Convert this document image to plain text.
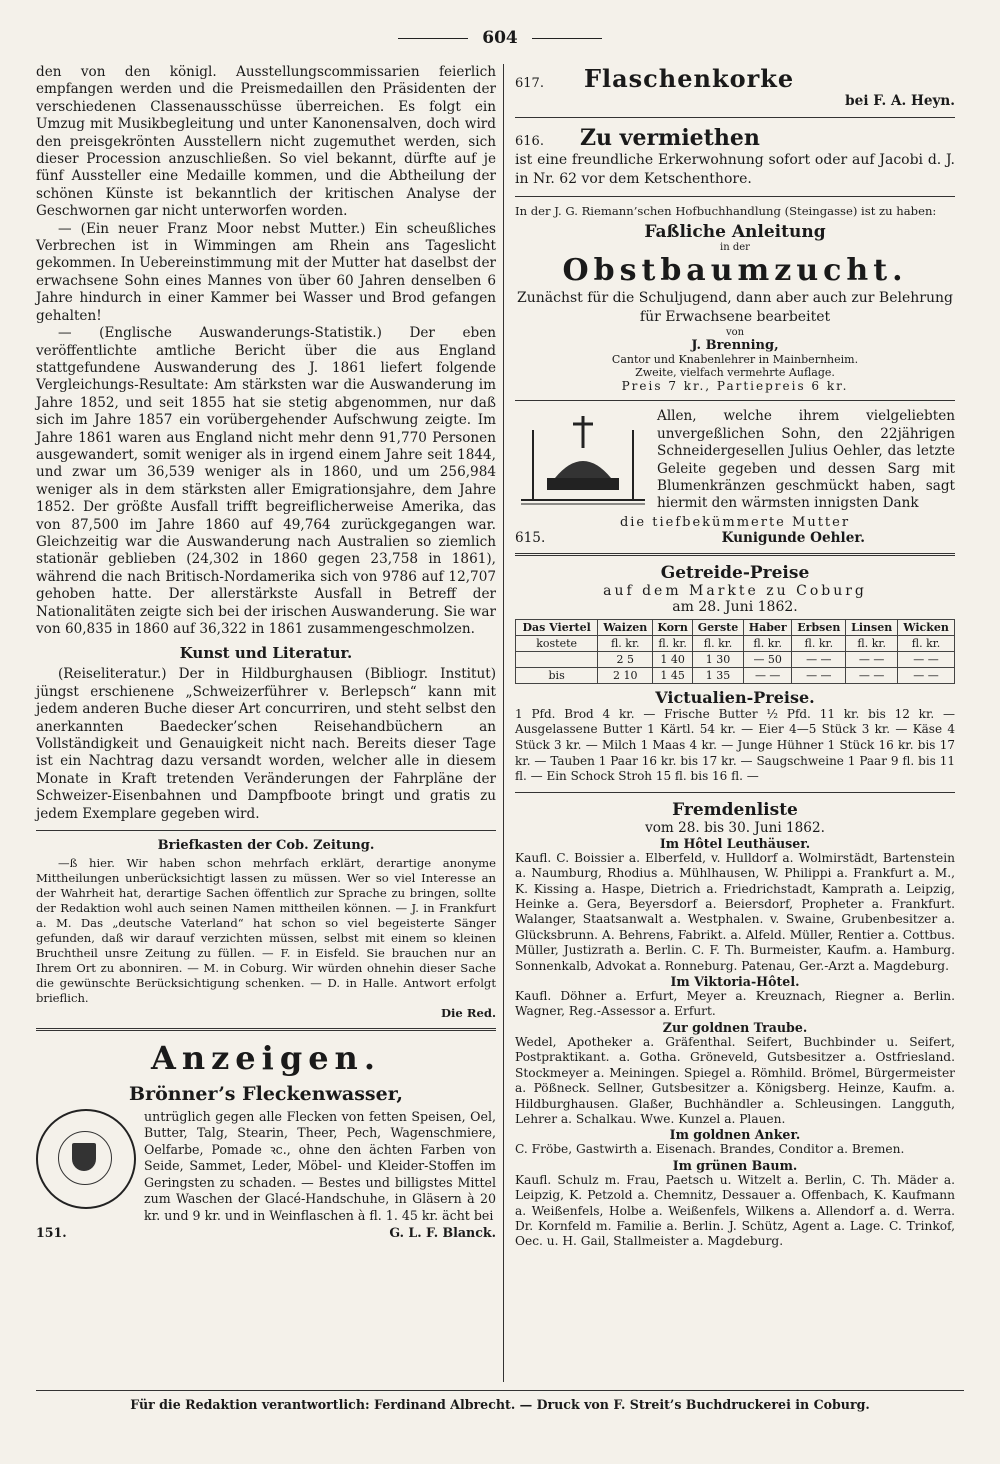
604

den von den königl. Ausstellungscommissarien feierlich empfangen werden und die Preismedaillen den Präsidenten der verschiedenen Classenausschüsse überreichen. Es folgt ein Umzug mit Musikbegleitung und unter Kanonensalven, doch wird den preisgekrönten Ausstellern nicht zugemuthet werden, sich dieser Procession anzuschließen. So viel bekannt, dürfte auf je fünf Aussteller eine Medaille kommen, und die Abtheilung der schönen Künste ist bekanntlich der kritischen Analyse der Geschwornen gar nicht unterworfen worden.

— (Ein neuer Franz Moor nebst Mutter.) Ein scheußliches Verbrechen ist in Wimmingen am Rhein ans Tageslicht gekommen. In Uebereinstimmung mit der Mutter hat daselbst der erwachsene Sohn eines Mannes von über 60 Jahren denselben 6 Jahre hindurch in einer Kammer bei Wasser und Brod gefangen gehalten!

— (Englische Auswanderungs-Statistik.) Der eben veröffentlichte amtliche Bericht über die aus England stattgefundene Auswanderung des J. 1861 liefert folgende Vergleichungs-Resultate: Am stärksten war die Auswanderung im Jahre 1852, und seit 1855 hat sie stetig abgenommen, nur daß sich im Jahre 1857 ein vorübergehender Aufschwung zeigte. Im Jahre 1861 waren aus England nicht mehr denn 91,770 Personen ausgewandert, somit weniger als in irgend einem Jahre seit 1844, und zwar um 36,539 weniger als in 1860, und um 256,984 weniger als in dem stärksten aller Emigrationsjahre, dem Jahre 1852. Der größte Ausfall trifft begreiflicherweise Amerika, das von 87,500 im Jahre 1860 auf 49,764 zurückgegangen war. Gleichzeitig war die Auswanderung nach Australien so ziemlich stationär geblieben (24,302 in 1860 gegen 23,758 in 1861), während die nach Britisch-Nordamerika sich von 9786 auf 12,707 gehoben hatte. Der allerstärkste Ausfall in Betreff der Nationalitäten zeigte sich bei der irischen Auswanderung. Sie war von 60,835 in 1860 auf 36,322 in 1861 zusammengeschmolzen.

Kunst und Literatur.

(Reiseliteratur.) Der in Hildburghausen (Bibliogr. Institut) jüngst erschienene „Schweizerführer v. Berlepsch“ kann mit jedem anderen Buche dieser Art concurriren, und steht selbst den anerkannten Baedecker’schen Reisehandbüchern an Vollständigkeit und Genauigkeit nicht nach. Bereits dieser Tage ist ein Nachtrag dazu versandt worden, welcher alle in diesem Monate in Kraft tretenden Veränderungen der Fahrpläne der Schweizer-Eisenbahnen und Dampfboote bringt und gratis zu jedem Exemplare gegeben wird.

Briefkasten der Cob. Zeitung.

—ß hier. Wir haben schon mehrfach erklärt, derartige anonyme Mittheilungen unberücksichtigt lassen zu müssen. Wer so viel Interesse an der Wahrheit hat, derartige Sachen öffentlich zur Sprache zu bringen, sollte der Redaktion wohl auch seinen Namen mittheilen können. — J. in Frankfurt a. M. Das „deutsche Vaterland“ hat schon so viel begeisterte Sänger gefunden, daß wir darauf verzichten müssen, selbst mit einem so kleinen Bruchtheil unsre Zeitung zu füllen. — F. in Eisfeld. Sie brauchen nur an Ihrem Ort zu abonniren. — M. in Coburg. Wir würden ohnehin dieser Sache die gewünschte Berücksichtigung schenken. — D. in Halle. Antwort erfolgt brieflich.

Die Red.

Anzeigen.
Brönner’s Fleckenwasser,

untrüglich gegen alle Flecken von fetten Speisen, Oel, Butter, Talg, Stearin, Theer, Pech, Wagenschmiere, Oelfarbe, Pomade ꝛc., ohne den ächten Farben von Seide, Sammet, Leder, Möbel- und Kleider-Stoffen im Geringsten zu schaden. — Bestes und billigstes Mittel zum Waschen der Glacé-Handschuhe, in Gläsern à 20 kr. und 9 kr. und in Weinflaschen à fl. 1. 45 kr. ächt bei

151.	G. L. F. Blanck.
617. Flaschenkorke

bei F. A. Heyn.

616. Zu vermiethen

ist eine freundliche Erkerwohnung sofort oder auf Jacobi d. J. in Nr. 62 vor dem Ketschenthore.

In der J. G. Riemann’schen Hofbuchhandlung (Steingasse) ist zu haben:

Faßliche Anleitung
in der
Obstbaumzucht.

Zunächst für die Schuljugend, dann aber auch zur Belehrung für Erwachsene bearbeitet

von
J. Brenning,
Cantor und Knabenlehrer in Mainbernheim.
Zweite, vielfach vermehrte Auflage.
Preis 7 kr., Partiepreis 6 kr.

Allen, welche ihrem vielgeliebten unvergeßlichen Sohn, den 22jährigen Schneidergesellen Julius Oehler, das letzte Geleite gegeben und dessen Sarg mit Blumenkränzen geschmückt haben, sagt hiermit den wärmsten innigsten Dank

die tiefbekümmerte Mutter
615.	Kunigunde Oehler.
Getreide-Preise
auf dem Markte zu Coburg
am 28. Juni 1862.
Das Viertel	Waizen	Korn	Gerste	Haber	Erbsen	Linsen	Wicken
kostete	fl. kr.	fl. kr.	fl. kr.	fl. kr.	fl. kr.	fl. kr.	fl. kr.
	2 5	1 40	1 30	— 50	— —	— —	— —
bis	2 10	1 45	1 35	— —	— —	— —	— —
Victualien-Preise.

1 Pfd. Brod 4 kr. — Frische Butter ½ Pfd. 11 kr. bis 12 kr. — Ausgelassene Butter 1 Kärtl. 54 kr. — Eier 4—5 Stück 3 kr. — Käse 4 Stück 3 kr. — Milch 1 Maas 4 kr. — Junge Hühner 1 Stück 16 kr. bis 17 kr. — Tauben 1 Paar 16 kr. bis 17 kr. — Saugschweine 1 Paar 9 fl. bis 11 fl. — Ein Schock Stroh 15 fl. bis 16 fl. —

Fremdenliste
vom 28. bis 30. Juni 1862.
Im Hôtel Leuthäuser.

Kaufl. C. Boissier a. Elberfeld, v. Hulldorf a. Wolmirstädt, Bartenstein a. Naumburg, Rhodius a. Mühlhausen, W. Philippi a. Frankfurt a. M., K. Kissing a. Haspe, Dietrich a. Friedrichstadt, Kamprath a. Leipzig, Heinke a. Gera, Beyersdorf a. Beiersdorf, Propheter a. Frankfurt. Walanger, Staatsanwalt a. Westphalen. v. Swaine, Grubenbesitzer a. Glücksbrunn. A. Behrens, Fabrikt. a. Alfeld. Müller, Rentier a. Cottbus. Müller, Justizrath a. Berlin. C. F. Th. Burmeister, Kaufm. a. Hamburg. Sonnenkalb, Advokat a. Ronneburg. Patenau, Ger.-Arzt a. Magdeburg.

Im Viktoria-Hôtel.

Kaufl. Döhner a. Erfurt, Meyer a. Kreuznach, Riegner a. Berlin. Wagner, Reg.-Assessor a. Erfurt.

Zur goldnen Traube.

Wedel, Apotheker a. Gräfenthal. Seifert, Buchbinder u. Seifert, Postpraktikant. a. Gotha. Gröneveld, Gutsbesitzer a. Ostfriesland. Stockmeyer a. Meiningen. Spiegel a. Römhild. Brömel, Bürgermeister a. Pößneck. Sellner, Gutsbesitzer a. Königsberg. Heinze, Kaufm. a. Hildburghausen. Glaßer, Buchhändler a. Schleusingen. Langguth, Lehrer a. Schalkau. Wwe. Kunzel a. Plauen.

Im goldnen Anker.

C. Fröbe, Gastwirth a. Eisenach. Brandes, Conditor a. Bremen.

Im grünen Baum.

Kaufl. Schulz m. Frau, Paetsch u. Witzelt a. Berlin, C. Th. Mäder a. Leipzig, K. Petzold a. Chemnitz, Dessauer a. Offenbach, K. Kaufmann a. Weißenfels, Holbe a. Weißenfels, Wilkens a. Allendorf a. d. Werra. Dr. Kornfeld m. Familie a. Berlin. J. Schütz, Agent a. Lage. C. Trinkof, Oec. u. H. Gail, Stallmeister a. Magdeburg.

Für die Redaktion verantwortlich: Ferdinand Albrecht. — Druck von F. Streit’s Buchdruckerei in Coburg.
